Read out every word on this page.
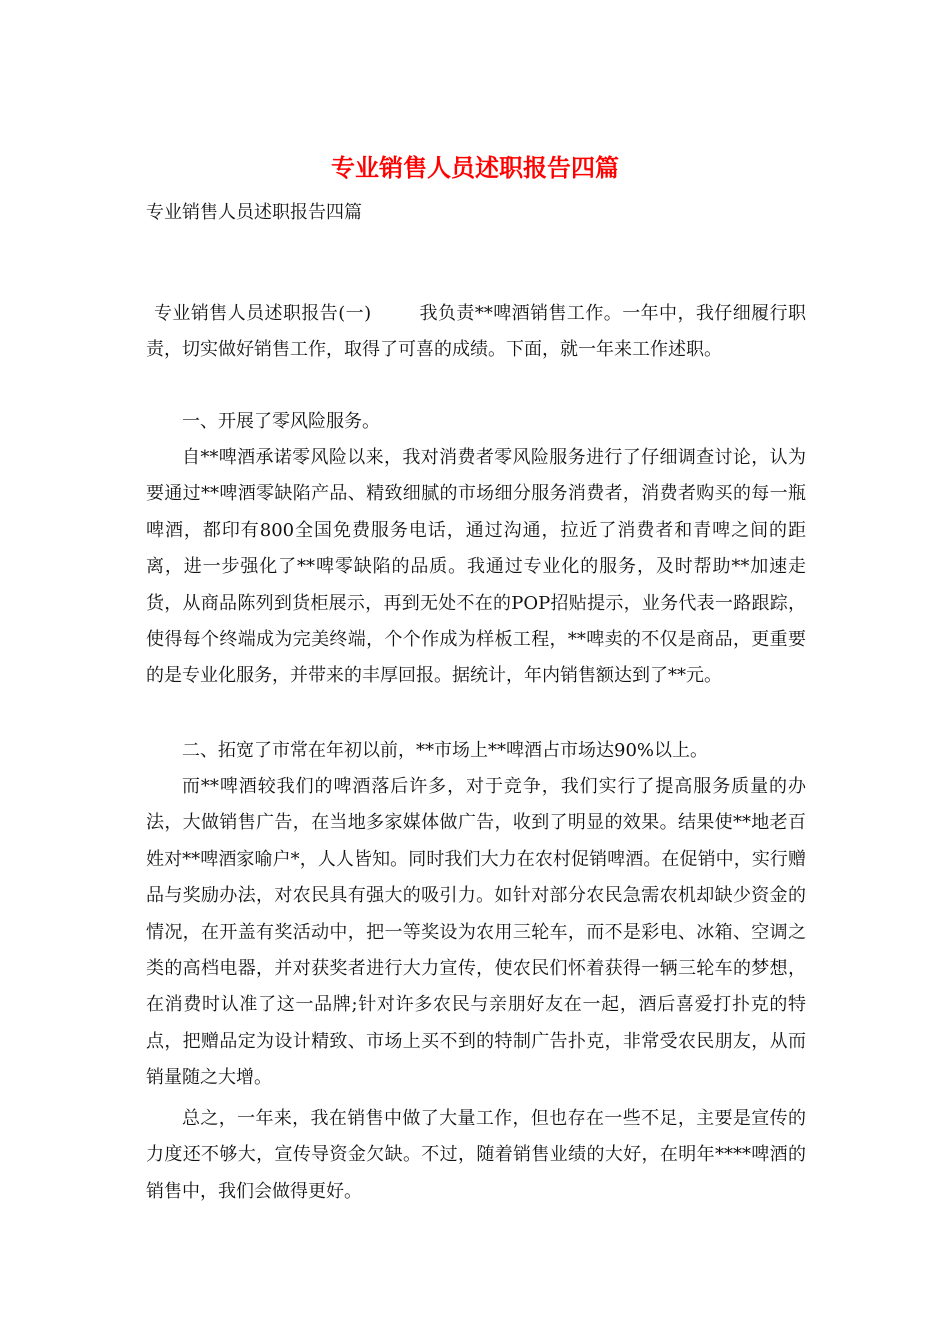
专业销售人员述职报告四篇

专业销售人员述职报告四篇

专业销售人员述职报告(一)	我负责**啤酒销售工作。一年中，我仔细履行职责，切实做好销售工作，取得了可喜的成绩。下面，就一年来工作述职。

一、开展了零风险服务。

自**啤酒承诺零风险以来，我对消费者零风险服务进行了仔细调查讨论，认为要通过**啤酒零缺陷产品、精致细腻的市场细分服务消费者，消费者购买的每一瓶啤酒，都印有800全国免费服务电话，通过沟通，拉近了消费者和青啤之间的距离，进一步强化了**啤零缺陷的品质。我通过专业化的服务，及时帮助**加速走货，从商品陈列到货柜展示，再到无处不在的POP招贴提示，业务代表一路跟踪，使得每个终端成为完美终端，个个作成为样板工程，**啤卖的不仅是商品，更重要的是专业化服务，并带来的丰厚回报。据统计，年内销售额达到了**元。

二、拓宽了市常在年初以前，**市场上**啤酒占市场达90%以上。

而**啤酒较我们的啤酒落后许多，对于竞争，我们实行了提高服务质量的办法，大做销售广告，在当地多家媒体做广告，收到了明显的效果。结果使**地老百姓对**啤酒家喻户*，人人皆知。同时我们大力在农村促销啤酒。在促销中，实行赠品与奖励办法，对农民具有强大的吸引力。如针对部分农民急需农机却缺少资金的情况，在开盖有奖活动中，把一等奖设为农用三轮车，而不是彩电、冰箱、空调之类的高档电器，并对获奖者进行大力宣传，使农民们怀着获得一辆三轮车的梦想，在消费时认准了这一品牌;针对许多农民与亲朋好友在一起，酒后喜爱打扑克的特点，把赠品定为设计精致、市场上买不到的特制广告扑克，非常受农民朋友，从而销量随之大增。

总之，一年来，我在销售中做了大量工作，但也存在一些不足，主要是宣传的力度还不够大，宣传导资金欠缺。不过，随着销售业绩的大好，在明年****啤酒的销售中，我们会做得更好。
